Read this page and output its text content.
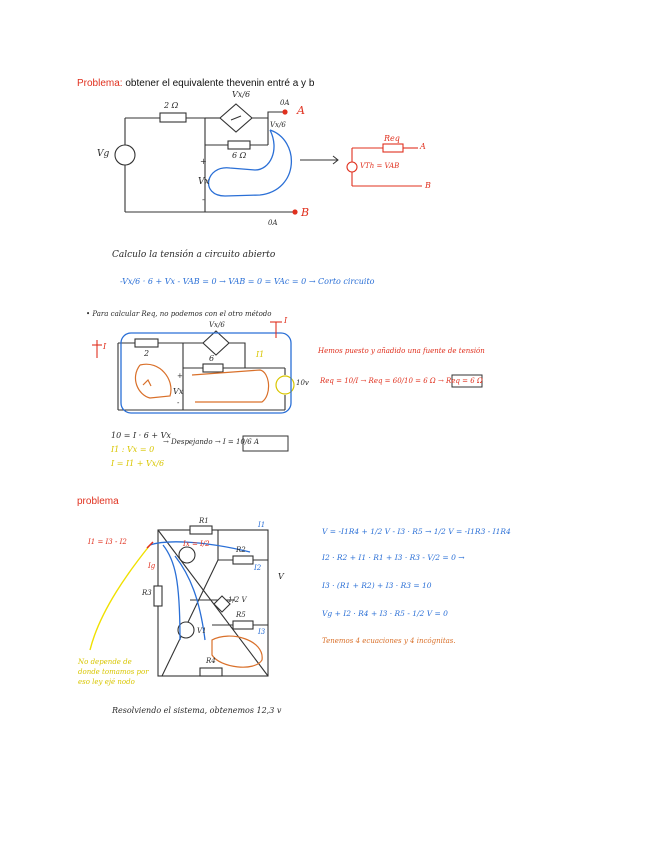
Problema: obtener el equivalente thevenin entré a y b
Vx/6
2 Ω
6 Ω
Vg
0A
A
Vx/6
0A
B
+
Vx
-
Req
VTh = VAB
A
B
Calculo la tensión a circuito abierto
-Vx/6 · 6 + Vx - VAB = 0 → VAB = 0 = VAc = 0 → Corto circuito
• Para calcular Req, no podemos con el otro método
Vx/6
2
6
I
I
I1
10v
+
Vx
-
Hemos puesto y añadido una fuente de tensión
Req = 10/I → Req = 60/10 = 6 Ω → Req = 6 Ω
10 = I · 6 + Vx
I1 : Vx = 0
I = I1 + Vx/6
→ Despejando → I = 10/6 A
problema
R1
R2
R3
R4
R5
I1
I2
I3
Ix = I/2
Ig
V
1/2 V
I1 = I3 - I2
V1
No depende de
donde tomamos por
eso ley ejé nodo
V = -I1R4 + 1/2 V - I3 · R5 → 1/2 V = -I1R3 - I1R4
I2 · R2 + I1 · R1 + I3 · R3 - V/2 = 0 →
I3 · (R1 + R2) + I3 · R3 = 10
Vg + I2 · R4 + I3 · R5 - 1/2 V = 0
Tenemos 4 ecuaciones y 4 incógnitas.
Resolviendo el sistema, obtenemos 12,3 v
